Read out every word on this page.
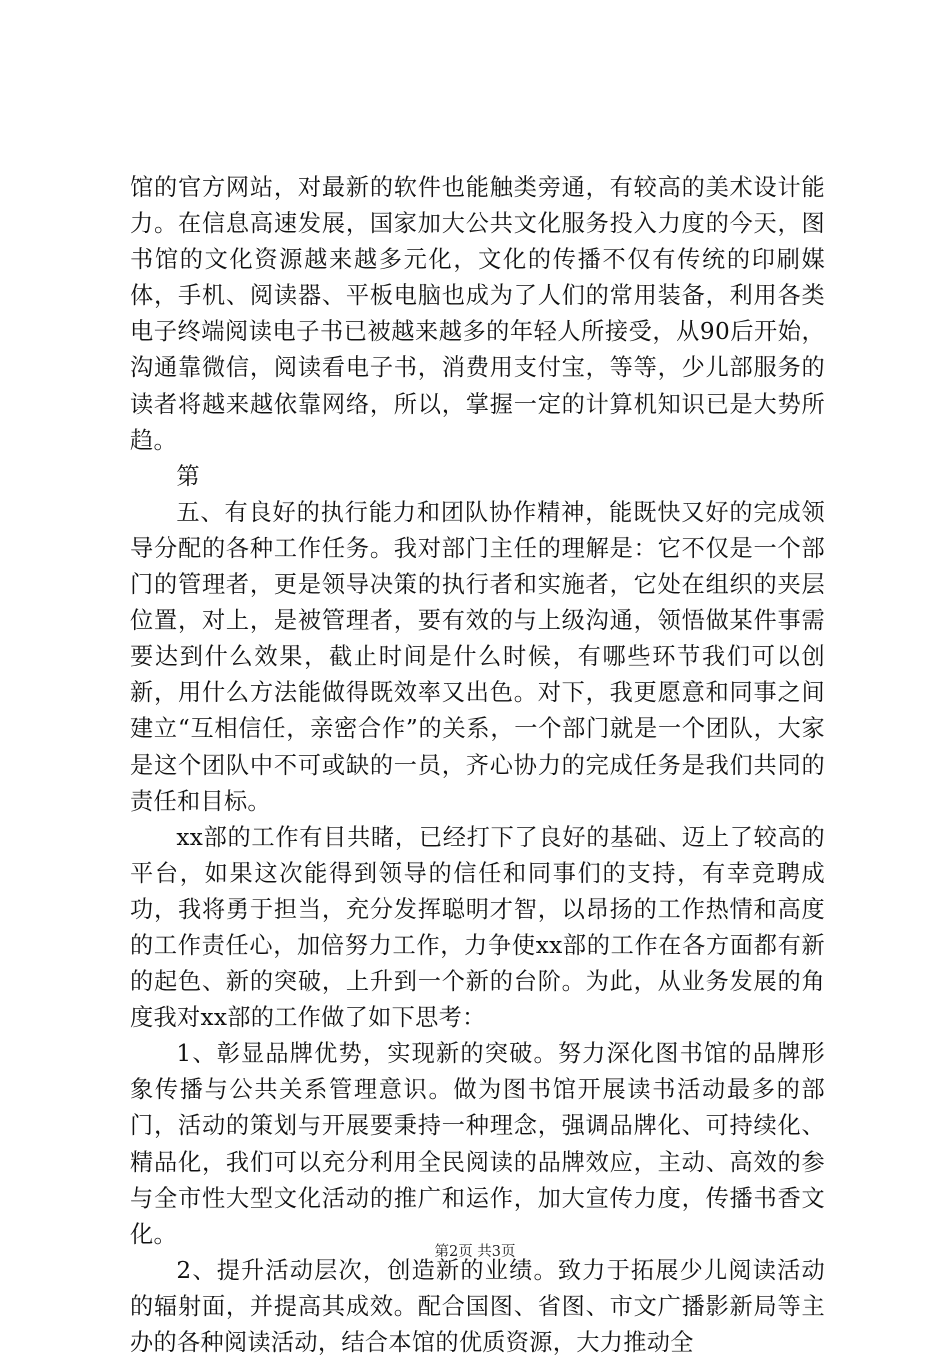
馆的官方网站，对最新的软件也能触类旁通，有较高的美术设计能力。在信息高速发展，国家加大公共文化服务投入力度的今天，图书馆的文化资源越来越多元化，文化的传播不仅有传统的印刷媒体，手机、阅读器、平板电脑也成为了人们的常用装备，利用各类电子终端阅读电子书已被越来越多的年轻人所接受，从90后开始，沟通靠微信，阅读看电子书，消费用支付宝，等等，少儿部服务的读者将越来越依靠网络，所以，掌握一定的计算机知识已是大势所趋。

第

五、有良好的执行能力和团队协作精神，能既快又好的完成领导分配的各种工作任务。我对部门主任的理解是：它不仅是一个部门的管理者，更是领导决策的执行者和实施者，它处在组织的夹层位置，对上，是被管理者，要有效的与上级沟通，领悟做某件事需要达到什么效果，截止时间是什么时候，有哪些环节我们可以创新，用什么方法能做得既效率又出色。对下，我更愿意和同事之间建立“互相信任，亲密合作”的关系，一个部门就是一个团队，大家是这个团队中不可或缺的一员，齐心协力的完成任务是我们共同的责任和目标。

xx部的工作有目共睹，已经打下了良好的基础、迈上了较高的平台，如果这次能得到领导的信任和同事们的支持，有幸竞聘成功，我将勇于担当，充分发挥聪明才智，以昂扬的工作热情和高度的工作责任心，加倍努力工作，力争使xx部的工作在各方面都有新的起色、新的突破，上升到一个新的台阶。为此，从业务发展的角度我对xx部的工作做了如下思考：

1、彰显品牌优势，实现新的突破。努力深化图书馆的品牌形象传播与公共关系管理意识。做为图书馆开展读书活动最多的部门，活动的策划与开展要秉持一种理念，强调品牌化、可持续化、精品化，我们可以充分利用全民阅读的品牌效应，主动、高效的参与全市性大型文化活动的推广和运作，加大宣传力度，传播书香文化。

2、提升活动层次，创造新的业绩。致力于拓展少儿阅读活动的辐射面，并提高其成效。配合国图、省图、市文广播影新局等主办的各种阅读活动，结合本馆的优质资源，大力推动全

第2页 共3页
